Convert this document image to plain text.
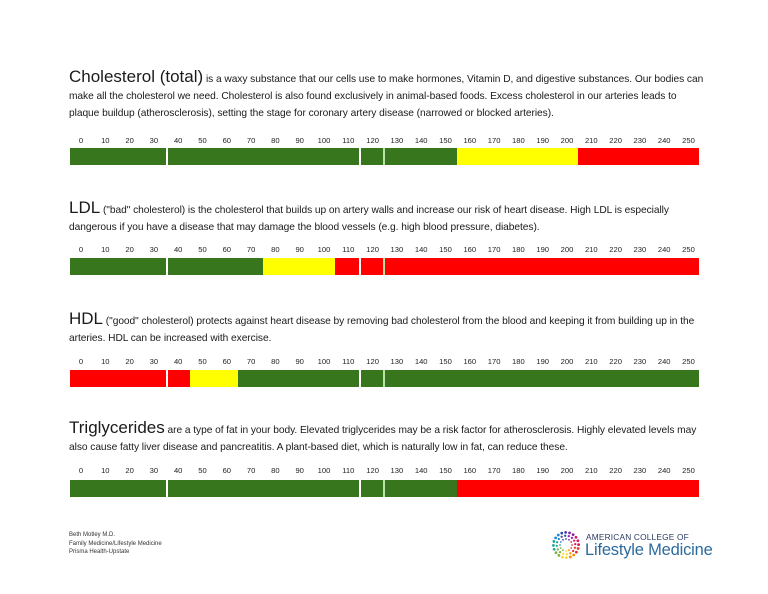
Cholesterol (total) is a waxy substance that our cells use to make hormones, Vitamin D, and digestive substances. Our bodies can make all the cholesterol we need. Cholesterol is also found exclusively in animal-based foods. Excess cholesterol in our arteries leads to plaque buildup (atherosclerosis), setting the stage for coronary artery disease (narrowed or blocked arteries).

0 10 20 30 40 50 60 70 80 90 100 110 120 130 140 150 160 170 180 190 200 210 220 230 240 250

LDL ("bad" cholesterol) is the cholesterol that builds up on artery walls and increase our risk of heart disease. High LDL is especially dangerous if you have a disease that may damage the blood vessels (e.g. high blood pressure, diabetes).

0 10 20 30 40 50 60 70 80 90 100 110 120 130 140 150 160 170 180 190 200 210 220 230 240 250

HDL ("good" cholesterol) protects against heart disease by removing bad cholesterol from the blood and keeping it from building up in the arteries. HDL can be increased with exercise.

0 10 20 30 40 50 60 70 80 90 100 110 120 130 140 150 160 170 180 190 200 210 220 230 240 250

Triglycerides are a type of fat in your body. Elevated triglycerides may be a risk factor for atherosclerosis. Highly elevated levels may also cause fatty liver disease and pancreatitis. A plant-based diet, which is naturally low in fat, can reduce these.

0 10 20 30 40 50 60 70 80 90 100 110 120 130 140 150 160 170 180 190 200 210 220 230 240 250
Beth Motley M.D.
Family Medicine/Lifestyle Medicine
Prisma Health-Upstate
AMERICAN COLLEGE OF
Lifestyle Medicine
